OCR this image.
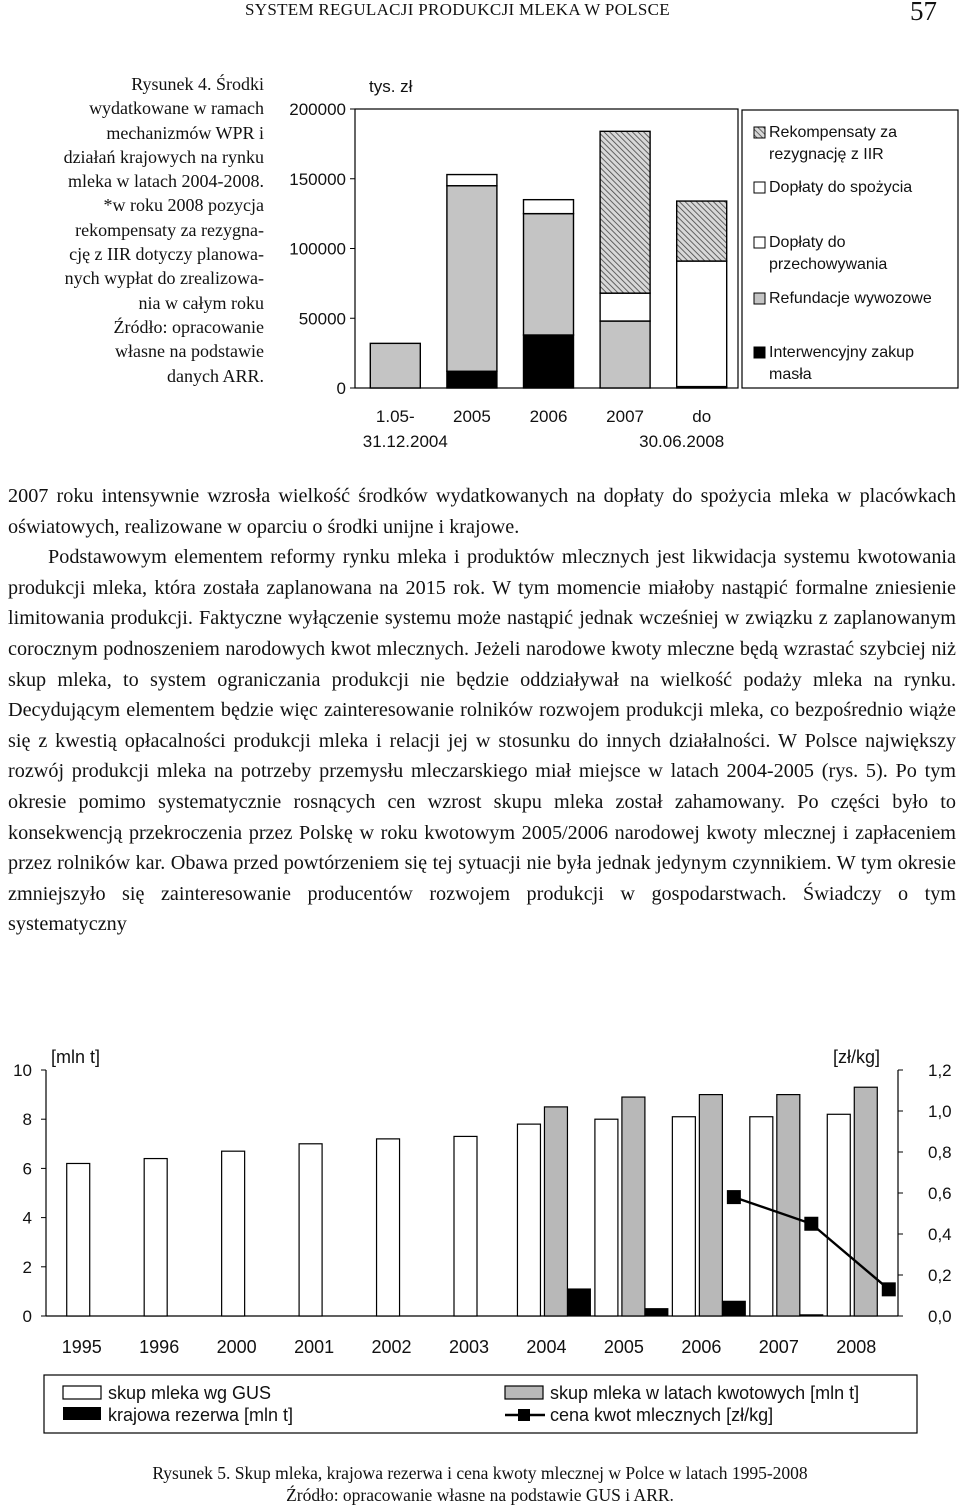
SYSTEM REGULACJI PRODUKCJI MLEKA W POLSCE	57
Rysunek 4. Środki
wydatkowane w ramach
mechanizmów WPR i
działań krajowych na rynku
mleka w latach 2004-2008.
*w roku 2008 pozycja
rekompensaty za rezygna-
cję z IIR dotyczy planowa-
nych wypłat do zrealizowa-
nia w całym roku
Źródło: opracowanie
własne na podstawie
danych ARR.
tys. zł
200000
150000
100000
50000
0
1.05-
31.12.2004
2005 2006 2007	do
30.06.2008
Rekompensaty za rezygnację z IIR
Dopłaty do spożycia
Dopłaty do przechowywania
Refundacje wywozowe
Interwencyjny zakup masła

2007 roku intensywnie wzrosła wielkość środków wydatkowanych na dopłaty do spożycia mleka w placówkach oświatowych, realizowane w oparciu o środki unijne i krajowe.

Podstawowym elementem reformy rynku mleka i produktów mlecznych jest likwidacja systemu kwotowania produkcji mleka, która została zaplanowana na 2015 rok. W tym momencie miałoby nastąpić formalne zniesienie limitowania produkcji. Faktyczne wyłączenie systemu może nastąpić jednak wcześniej w związku z zaplanowanym corocznym podnoszeniem narodowych kwot mlecznych. Jeżeli narodowe kwoty mleczne będą wzrastać szybciej niż skup mleka, to system ograniczania produkcji nie będzie oddziaływał na wielkość podaży mleka na rynku. Decydującym elementem będzie więc zainteresowanie rolników rozwojem produkcji mleka, co bezpośrednio wiąże się z kwestią opłacalności produkcji mleka i relacji jej w stosunku do innych działalności. W Polsce największy rozwój produkcji mleka na potrzeby przemysłu mleczarskiego miał miejsce w latach 2004-2005 (rys. 5). Po tym okresie pomimo systematycznie rosnących cen wzrost skupu mleka został zahamowany. Po części było to konsekwencją przekroczenia przez Polskę w roku kwotowym 2005/2006 narodowej kwoty mlecznej i zapłaceniem przez rolników kar. Obawa przed powtórzeniem się tej sytuacji nie była jednak jedynym czynnikiem. W tym okresie zmniejszyło się zainteresowanie producentów rozwojem produkcji w gospodarstwach. Świadczy o tym systematyczny

[mln t]	[zł/kg]
10
8
6
4
2
0
1,2
1,0
0,8
0,6
0,4
0,2
0,0
1995 1996 2000 2001 2002 2003 2004 2005 2006 2007 2008
skup mleka wg GUS
krajowa rezerwa [mln t]
skup mleka w latach kwotowych [mln t]
cena kwot mlecznych [zł/kg]
Rysunek 5. Skup mleka, krajowa rezerwa i cena kwoty mlecznej w Polce w latach 1995-2008
Źródło: opracowanie własne na podstawie GUS i ARR.
